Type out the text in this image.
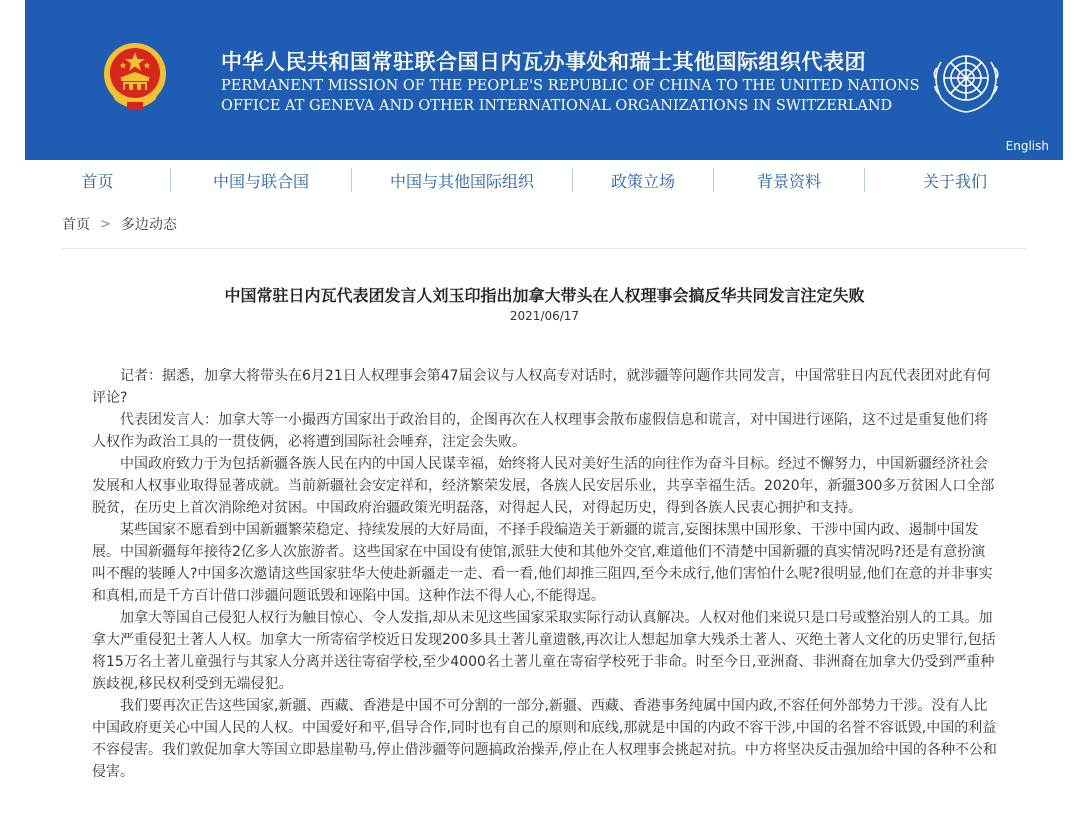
中华人民共和国常驻联合国日内瓦办事处和瑞士其他国际组织代表团
PERMANENT MISSION OF THE PEOPLE'S REPUBLIC OF CHINA TO THE UNITED NATIONS
OFFICE AT GENEVA AND OTHER INTERNATIONAL ORGANIZATIONS IN SWITZERLAND
English
首页	中国与联合国	中国与其他国际组织	政策立场	背景资料	关于我们
首页 > 多边动态
中国常驻日内瓦代表团发言人刘玉印指出加拿大带头在人权理事会搞反华共同发言注定失败
2021/06/17

记者：据悉，加拿大将带头在6月21日人权理事会第47届会议与人权高专对话时，就涉疆等问题作共同发言，中国常驻日内瓦代表团对此有何评论?

代表团发言人：加拿大等一小撮西方国家出于政治目的，企图再次在人权理事会散布虚假信息和谎言，对中国进行诬陷，这不过是重复他们将人权作为政治工具的一贯伎俩，必将遭到国际社会唾弃，注定会失败。

中国政府致力于为包括新疆各族人民在内的中国人民谋幸福，始终将人民对美好生活的向往作为奋斗目标。经过不懈努力，中国新疆经济社会发展和人权事业取得显著成就。当前新疆社会安定祥和，经济繁荣发展，各族人民安居乐业，共享幸福生活。2020年，新疆300多万贫困人口全部脱贫，在历史上首次消除绝对贫困。中国政府治疆政策光明磊落，对得起人民，对得起历史，得到各族人民衷心拥护和支持。

某些国家不愿看到中国新疆繁荣稳定、持续发展的大好局面，不择手段编造关于新疆的谎言,妄图抹黑中国形象、干涉中国内政、遏制中国发展。中国新疆每年接待2亿多人次旅游者。这些国家在中国设有使馆,派驻大使和其他外交官,难道他们不清楚中国新疆的真实情况吗?还是有意扮演叫不醒的装睡人?中国多次邀请这些国家驻华大使赴新疆走一走、看一看,他们却推三阻四,至今未成行,他们害怕什么呢?很明显,他们在意的并非事实和真相,而是千方百计借口涉疆问题诋毁和诬陷中国。这种作法不得人心,不能得逞。

加拿大等国自己侵犯人权行为触目惊心、令人发指,却从未见这些国家采取实际行动认真解决。人权对他们来说只是口号或整治别人的工具。加拿大严重侵犯土著人人权。加拿大一所寄宿学校近日发现200多具土著儿童遗骸,再次让人想起加拿大残杀土著人、灭绝土著人文化的历史罪行,包括将15万名土著儿童强行与其家人分离并送往寄宿学校,至少4000名土著儿童在寄宿学校死于非命。时至今日,亚洲裔、非洲裔在加拿大仍受到严重种族歧视,移民权利受到无端侵犯。

我们要再次正告这些国家,新疆、西藏、香港是中国不可分割的一部分,新疆、西藏、香港事务纯属中国内政,不容任何外部势力干涉。没有人比中国政府更关心中国人民的人权。中国爱好和平,倡导合作,同时也有自己的原则和底线,那就是中国的内政不容干涉,中国的名誉不容诋毁,中国的利益不容侵害。我们敦促加拿大等国立即悬崖勒马,停止借涉疆等问题搞政治操弄,停止在人权理事会挑起对抗。中方将坚决反击强加给中国的各种不公和侵害。
